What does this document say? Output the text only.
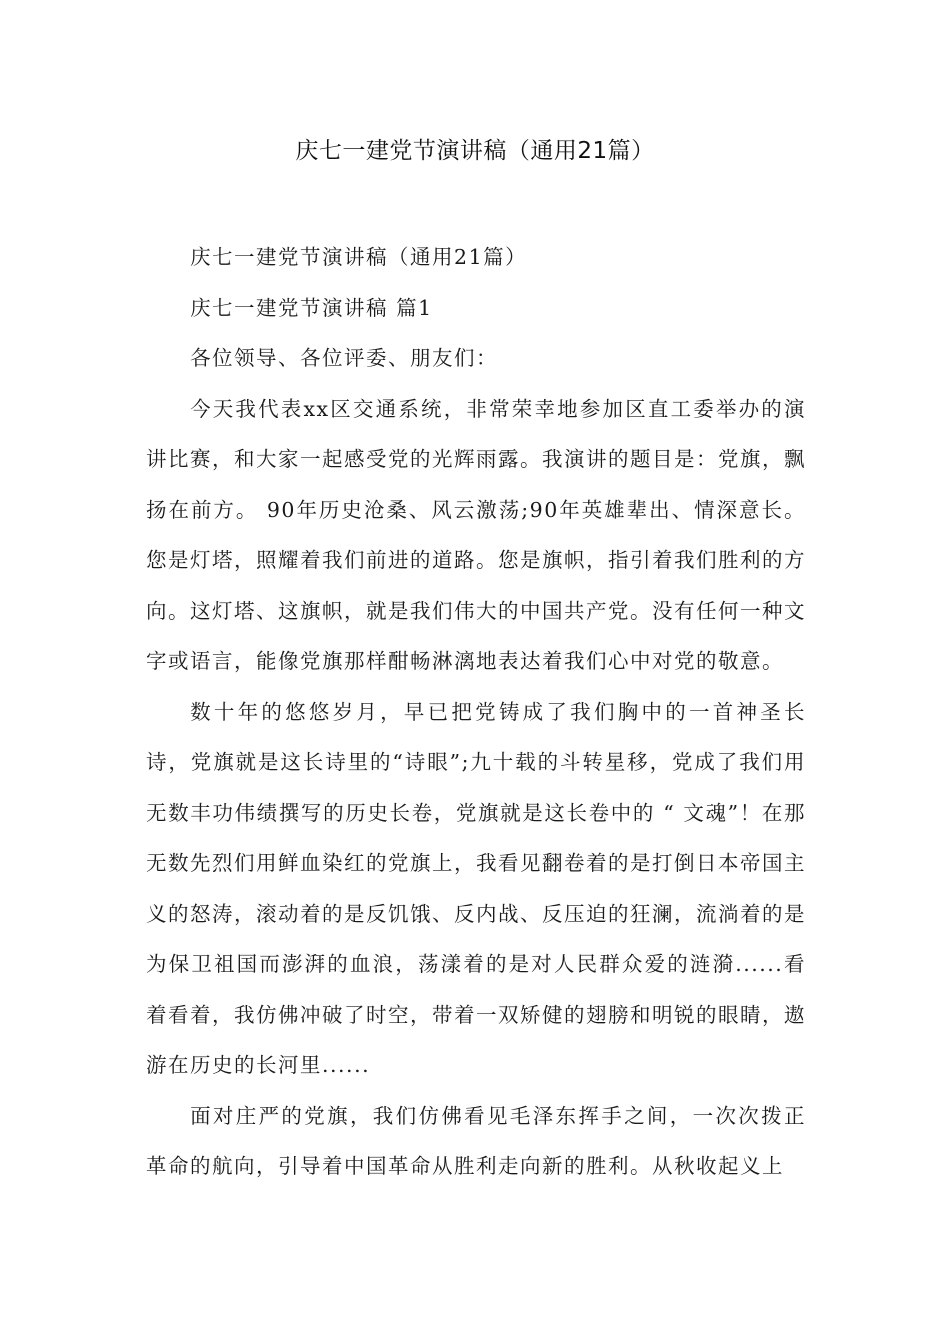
庆七一建党节演讲稿（通用21篇）

庆七一建党节演讲稿（通用21篇）

庆七一建党节演讲稿 篇1

各位领导、各位评委、朋友们：

今天我代表xx区交通系统，非常荣幸地参加区直工委举办的演讲比赛，和大家一起感受党的光辉雨露。我演讲的题目是：党旗，飘扬在前方。 90年历史沧桑、风云激荡;90年英雄辈出、情深意长。您是灯塔，照耀着我们前进的道路。您是旗帜，指引着我们胜利的方向。这灯塔、这旗帜，就是我们伟大的中国共产党。没有任何一种文字或语言，能像党旗那样酣畅淋漓地表达着我们心中对党的敬意。

数十年的悠悠岁月，早已把党铸成了我们胸中的一首神圣长诗，党旗就是这长诗里的“诗眼”;九十载的斗转星移，党成了我们用无数丰功伟绩撰写的历史长卷，党旗就是这长卷中的 “ 文魂”！在那无数先烈们用鲜血染红的党旗上，我看见翻卷着的是打倒日本帝国主义的怒涛，滚动着的是反饥饿、反内战、反压迫的狂澜，流淌着的是为保卫祖国而澎湃的血浪，荡漾着的是对人民群众爱的涟漪......看着看着，我仿佛冲破了时空，带着一双矫健的翅膀和明锐的眼睛，遨游在历史的长河里......

面对庄严的党旗，我们仿佛看见毛泽东挥手之间，一次次拨正革命的航向，引导着中国革命从胜利走向新的胜利。从秋收起义上
